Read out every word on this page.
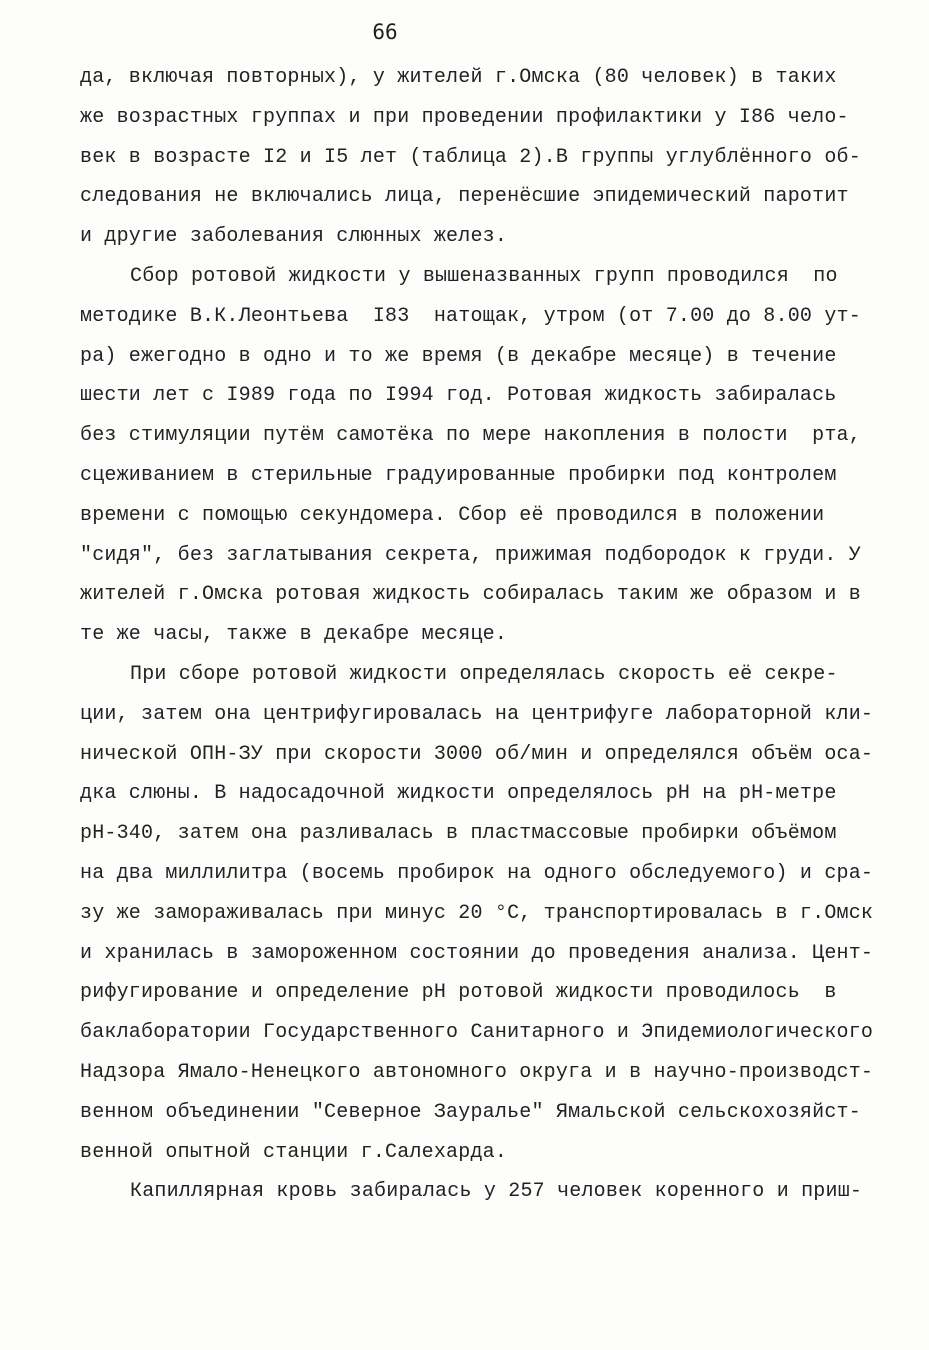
66
да, включая повторных), у жителей г.Омска (80 человек) в таких
же возрастных группах и при проведении профилактики у I86 чело-
век в возрасте I2 и I5 лет (таблица 2).В группы углублённого об-
следования не включались лица, перенёсшие эпидемический паротит
и другие заболевания слюнных желез.
Сбор ротовой жидкости у вышеназванных групп проводился  по
методике В.К.Леонтьева  I83  натощак, утром (от 7.00 до 8.00 ут-
ра) ежегодно в одно и то же время (в декабре месяце) в течение
шести лет с I989 года по I994 год. Ротовая жидкость забиралась
без стимуляции путём самотёка по мере накопления в полости  рта,
сцеживанием в стерильные градуированные пробирки под контролем
времени с помощью секундомера. Сбор её проводился в положении
"сидя", без заглатывания секрета, прижимая подбородок к груди. У
жителей г.Омска ротовая жидкость собиралась таким же образом и в
те же часы, также в декабре месяце.
При сборе ротовой жидкости определялась скорость её секре-
ции, затем она центрифугировалась на центрифуге лабораторной кли-
нической ОПН-ЗУ при скорости 3000 об/мин и определялся объём оса-
дка слюны. В надосадочной жидкости определялось pH на pH-метре
pH-340, затем она разливалась в пластмассовые пробирки объёмом
на два миллилитра (восемь пробирок на одного обследуемого) и сра-
зу же замораживалась при минус 20 °С, транспортировалась в г.Омск
и хранилась в замороженном состоянии до проведения анализа. Цент-
рифугирование и определение pH ротовой жидкости проводилось  в
баклаборатории Государственного Санитарного и Эпидемиологического
Надзора Ямало-Ненецкого автономного округа и в научно-производст-
венном объединении "Северное Зауралье" Ямальской сельскохозяйст-
венной опытной станции г.Салехарда.
Капиллярная кровь забиралась у 257 человек коренного и приш-
